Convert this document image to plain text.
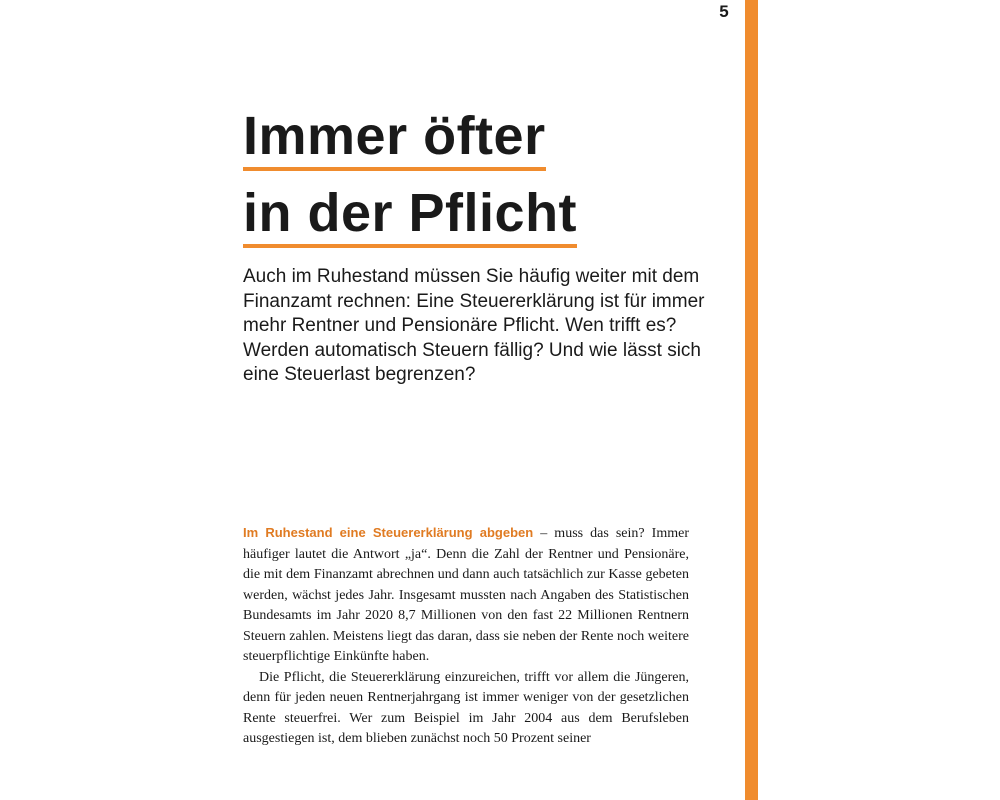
5
Immer öfter
in der Pflicht

Auch im Ruhestand müssen Sie häufig weiter mit dem Finanzamt rechnen: Eine Steuererklärung ist für immer mehr Rentner und Pensionäre Pflicht. Wen trifft es? Werden automatisch Steuern fällig? Und wie lässt sich eine Steuerlast begrenzen?

Im Ruhestand eine Steuererklärung abgeben – muss das sein? Immer häufiger lautet die Antwort „ja“. Denn die Zahl der Rentner und Pensionäre, die mit dem Finanzamt abrechnen und dann auch tatsächlich zur Kasse gebeten werden, wächst jedes Jahr. Insgesamt mussten nach Angaben des Statistischen Bundesamts im Jahr 2020 8,7 Millionen von den fast 22 Millionen Rentnern Steuern zahlen. Meistens liegt das daran, dass sie neben der Rente noch weitere steuerpflichtige Einkünfte haben.

Die Pflicht, die Steuererklärung einzureichen, trifft vor allem die Jüngeren, denn für jeden neuen Rentnerjahrgang ist immer weniger von der gesetzlichen Rente steuerfrei. Wer zum Beispiel im Jahr 2004 aus dem Berufsleben ausgestiegen ist, dem blieben zunächst noch 50 Prozent seiner
